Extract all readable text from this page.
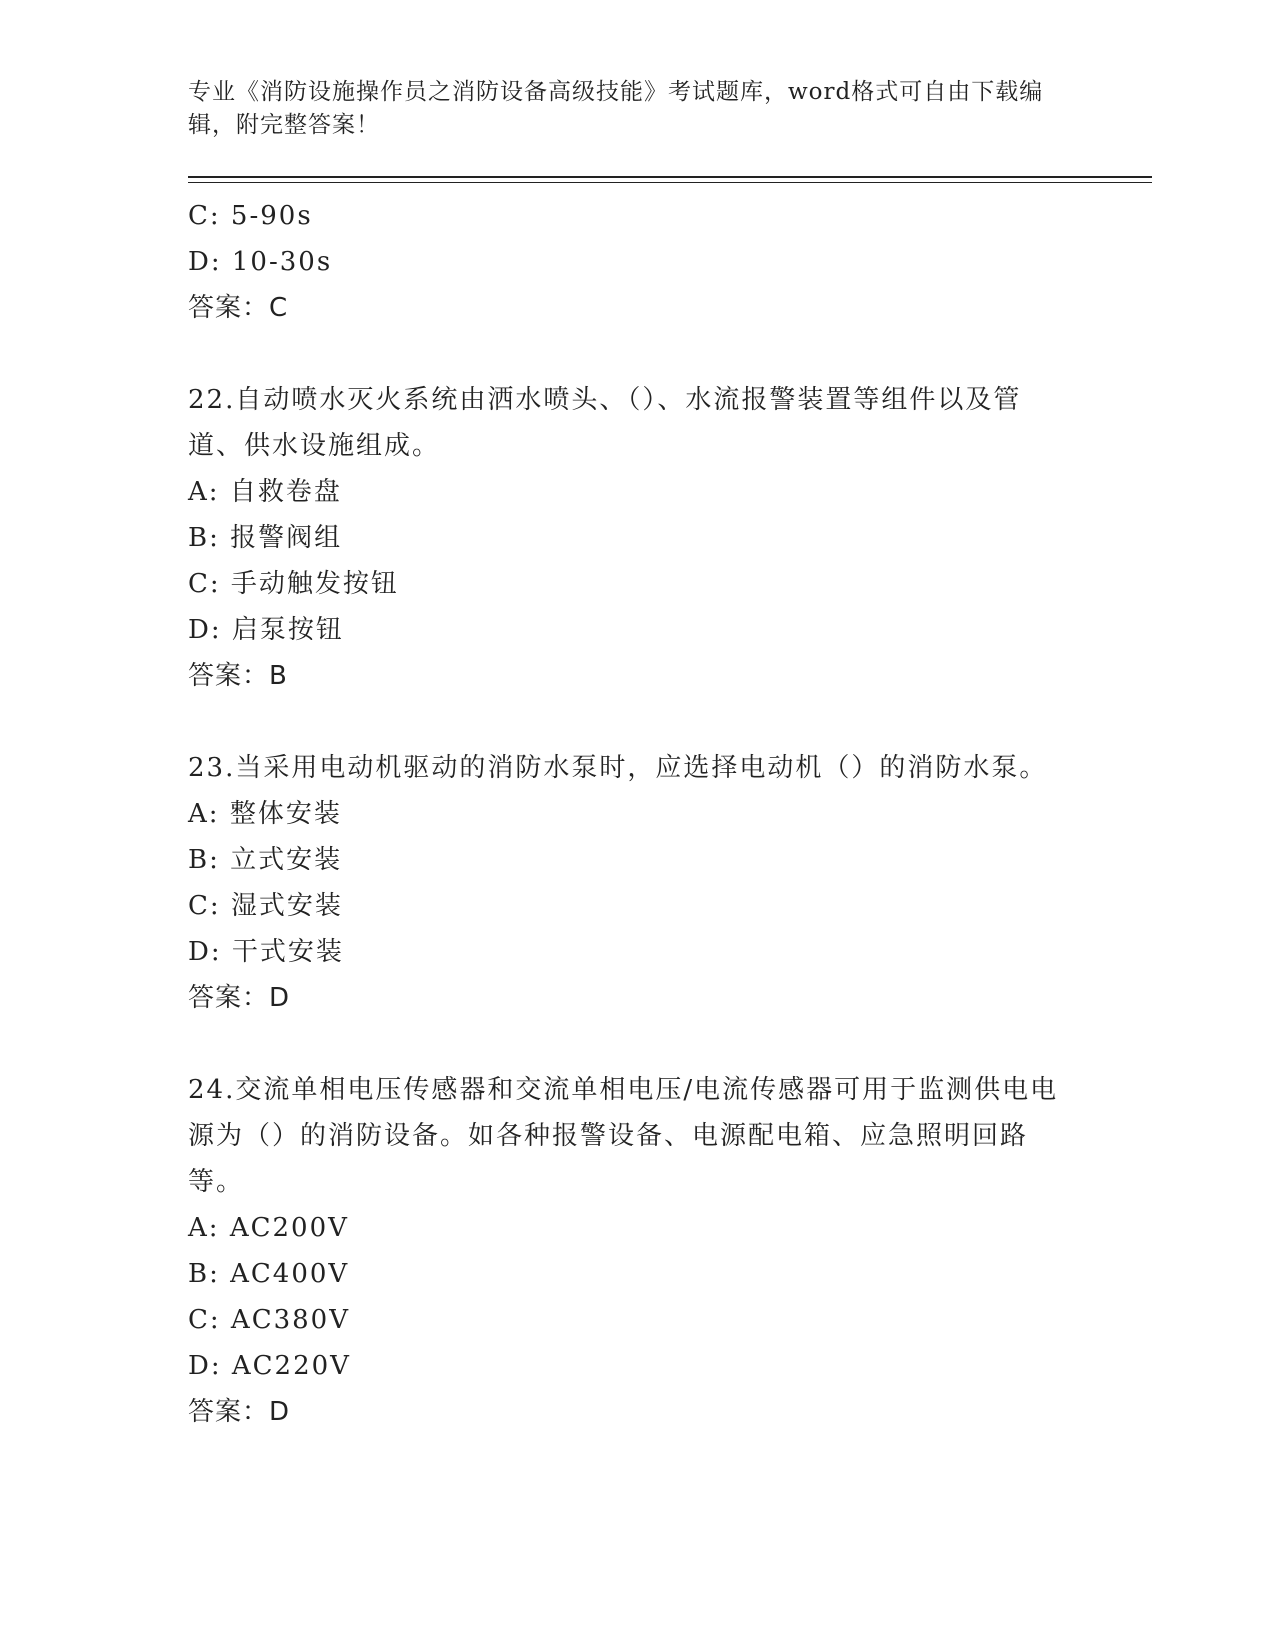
专业《消防设施操作员之消防设备高级技能》考试题库，word格式可自由下载编辑，附完整答案！
C: 5-90s
D: 10-30s
答案：C
22.自动喷水灭火系统由洒水喷头、（）、水流报警装置等组件以及管道、供水设施组成。
A: 自救卷盘
B: 报警阀组
C: 手动触发按钮
D: 启泵按钮
答案：B
23.当采用电动机驱动的消防水泵时，应选择电动机（）的消防水泵。
A: 整体安装
B: 立式安装
C: 湿式安装
D: 干式安装
答案：D
24.交流单相电压传感器和交流单相电压/电流传感器可用于监测供电电源为（）的消防设备。如各种报警设备、电源配电箱、应急照明回路等。
A: AC200V
B: AC400V
C: AC380V
D: AC220V
答案：D
